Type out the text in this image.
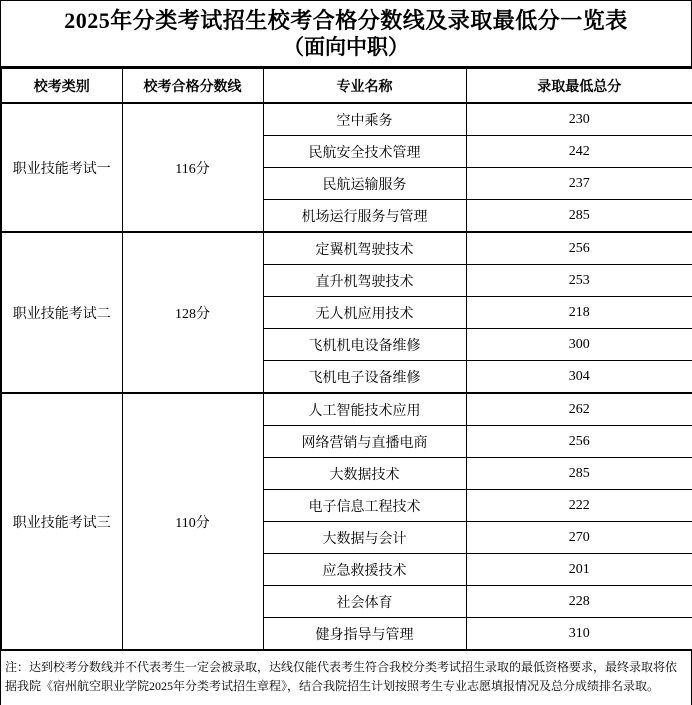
2025年分类考试招生校考合格分数线及录取最低分一览表
（面向中职）
校考类别	校考合格分数线	专业名称	录取最低总分
职业技能考试一	116分	空中乘务	230
		民航安全技术管理	242
		民航运输服务	237
		机场运行服务与管理	285
职业技能考试二	128分	定翼机驾驶技术	256
		直升机驾驶技术	253
		无人机应用技术	218
		飞机机电设备维修	300
		飞机电子设备维修	304
职业技能考试三	110分	人工智能技术应用	262
		网络营销与直播电商	256
		大数据技术	285
		电子信息工程技术	222
		大数据与会计	270
		应急救援技术	201
		社会体育	228
		健身指导与管理	310
注：达到校考分数线并不代表考生一定会被录取，达线仅能代表考生符合我校分类考试招生录取的最低资格要求，最终录取将依据我院《宿州航空职业学院2025年分类考试招生章程》，结合我院招生计划按照考生专业志愿填报情况及总分成绩排名录取。
